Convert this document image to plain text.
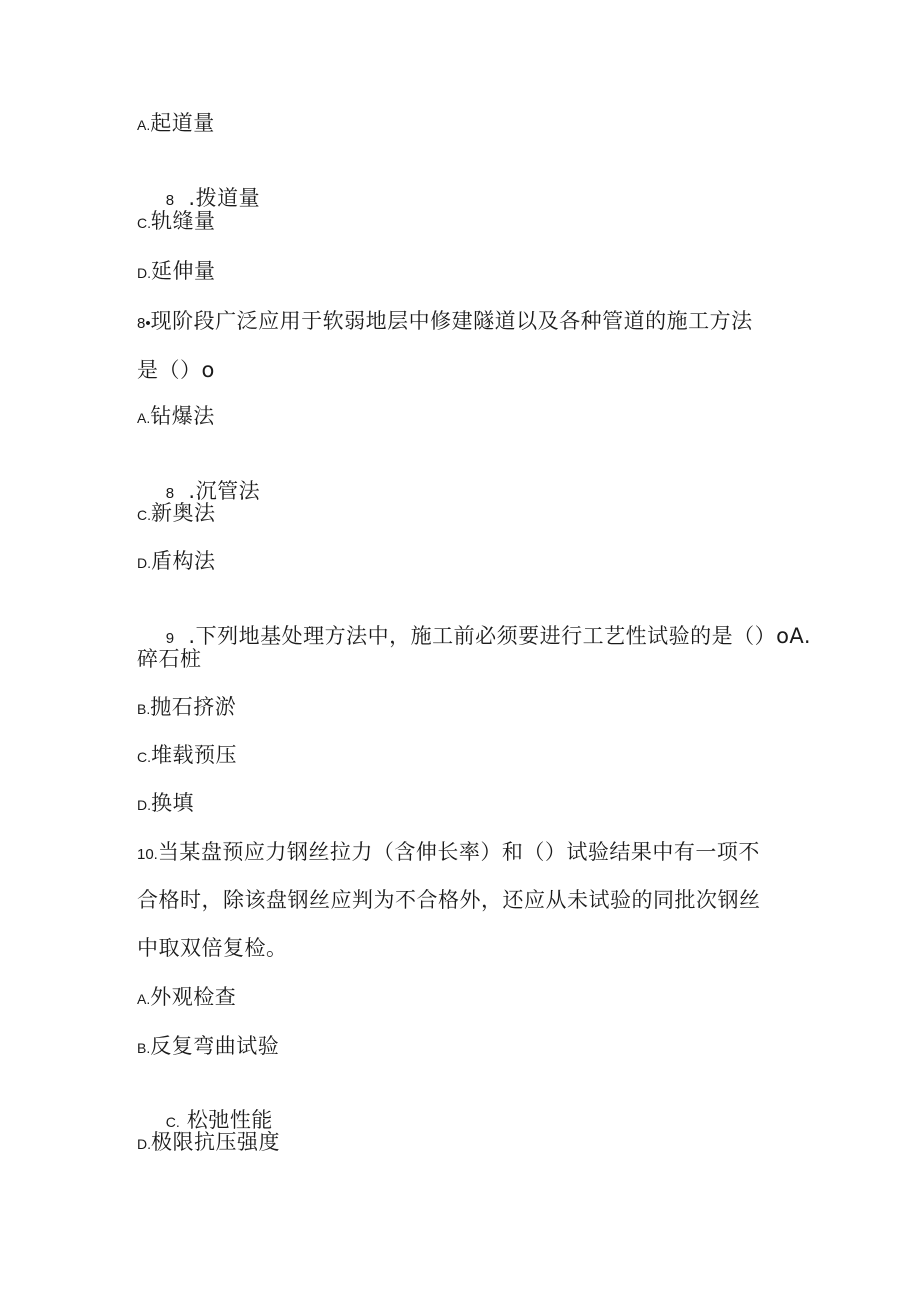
A.起道量

8  .拨道量

C.轨缝量
D.延伸量
8•现阶段广泛应用于软弱地层中修建隧道以及各种管道的施工方法
是（）o
A.钻爆法

8  .沉管法

C.新奥法
D.盾构法

9  .下列地基处理方法中，施工前必须要进行工艺性试验的是（）oA.

碎石桩
B.抛石挤淤
C.堆载预压
D.换填
10.当某盘预应力钢丝拉力（含伸长率）和（）试验结果中有一项不
合格时，除该盘钢丝应判为不合格外，还应从未试验的同批次钢丝
中取双倍复检。
A.外观检查
B.反复弯曲试验

C. 松弛性能

D.极限抗压强度
